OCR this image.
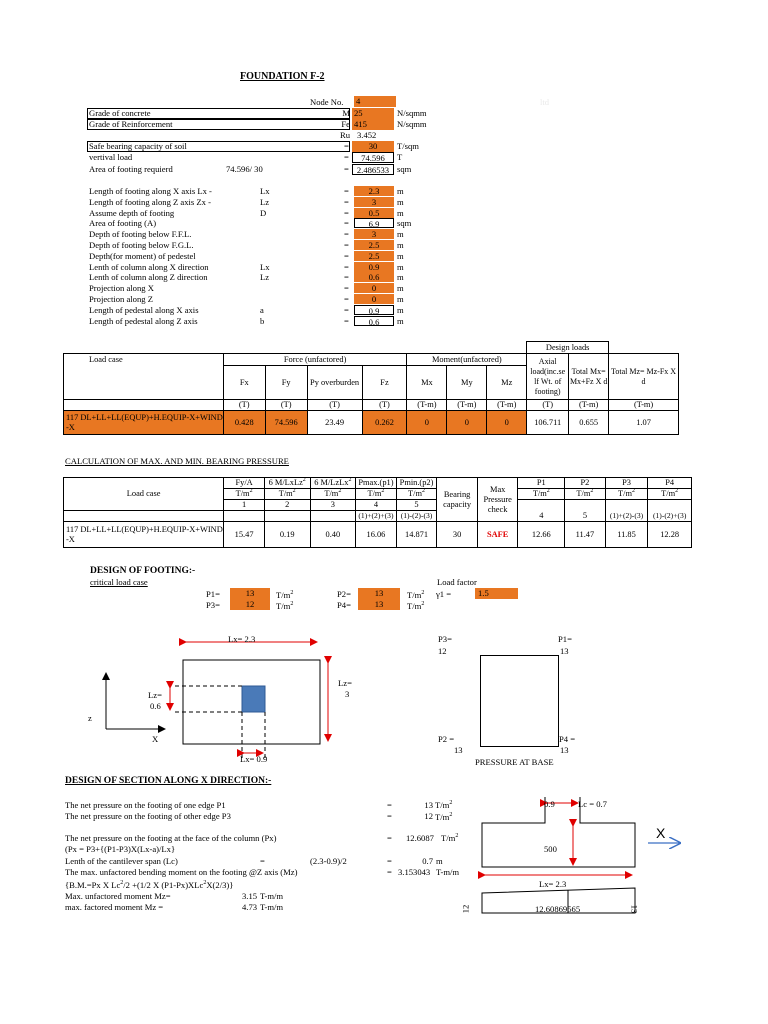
FOUNDATION F-2
ltd
Node No. 4
Grade of concrete	M 25	N/sqmm
Grade of Reinforcement	Fe 415	N/sqmm
Ru 3.452
Safe bearing capacity of soil	=	30	T/sqm
vertival load	=	74.596	T
Area of footing requierd	74.596/ 30	= 2.486533 sqm
Length of footing along X axis Lx -	Lx	=	2.3	m
Length of footing along Z axis Zx -	Lz	=	3	m
Assume depth of footing	D	=	0.5	m
Area of footing (A)	=	6.9	sqm
Depth of footing below F.F.L.	=	3	m
Depth of footing below F.G.L.	=	2.5	m
Depth(for moment) of pedestel	=	2.5	m
Lenth of column along X direction	Lx	=	0.9	m
Lenth of column along Z direction	Lz	=	0.6	m
Projection along X	=	0	m
Projection along Z	=	0	m
Length of pedestal along X axis	a	=	0.9	m
Length of pedestal along Z axis	b	=	0.6	m
								Design loads		
Load case	Force (unfactored)				Moment(unfactored)			Axial load(inc.se lf Wt. of footing)	Total Mx= Mx+Fz X d	Total Mz= Mz-Fx X d
	Fx	Fy	Py overburden	Fz	Mx	My	Mz			
	(T)	(T)	(T)	(T)	(T-m)	(T-m)	(T-m)	(T)	(T-m)	(T-m)
117 DL+LL+LL(EQUP)+H.EQUIP-X+WIND -X	0.428	74.596	23.49	0.262	0	0	0	106.711	0.655	1.07
CALCULATION OF MAX. AND MIN. BEARING PRESSURE
Load case	Fy/A	6 M/LxLz$^2$	6 M/LzLx$^2$	Pmax.(p1)	Pmin.(p2)	Bearing capacity	Max Pressure check	P1	P2	P3	P4
	$T/m^2$	$T/m^2$	$T/m^2$	$T/m^2$	$T/m^2$			$T/m^2$	$T/m^2$	$T/m^2$	$T/m^2$
	1	2	3	4	5			4	5	(1)+(2)-(3)	(1)-(2)+(3)
				(1)+(2)+(3)	(1)-(2)-(3)						
117 DL+LL+LL(EQUP)+H.EQUIP-X+WIND -X	15.47	0.19	0.40	16.06	14.871	30	SAFE	12.66	11.47	11.85	12.28
DESIGN OF FOOTING:-
critical load case	Load factor
γ1 =	1.5
P1=	13	$T/m^2$
P3=	12	$T/m^2$
P2=	13	$T/m^2$
P4=	13	$T/m^2$
Lx= 2.3
Lz=
3
Lz=
0.6
Lx= 0.9
z
X
P3=
12
P1=
13
P2 =
13
P4 =
13
PRESSURE AT BASE
DESIGN OF SECTION ALONG X DIRECTION:-
The net pressure on the footing of one edge P1	=	13 $T/m^2$
The net pressure on the footing of other edge P3	=	12 $T/m^2$
The net pressure on the footing at the face of the column (Px)	= 12.6087 $T/m^2$
(Px = P3+{(P1-P3)X(Lx-a)/Lx}
Lenth of the cantilever span (Lc)	=	(2.3-0.9)/2	=	0.7 m
The max. unfactored bending moment on the footing @Z axis (Mz)	= 3.153043 T-m/m
{B.M.=Px X $Lc^2/2 +(1/2$ X (P1-Px)XLc$^2$X(2/3)}
Max. unfactored moment Mz=	3.15 T-m/m
max. factored moment Mz =	4.73 T-m/m
0.9	Lc = 0.7
500
Lx= 2.3
X
12.60869565
12	13
